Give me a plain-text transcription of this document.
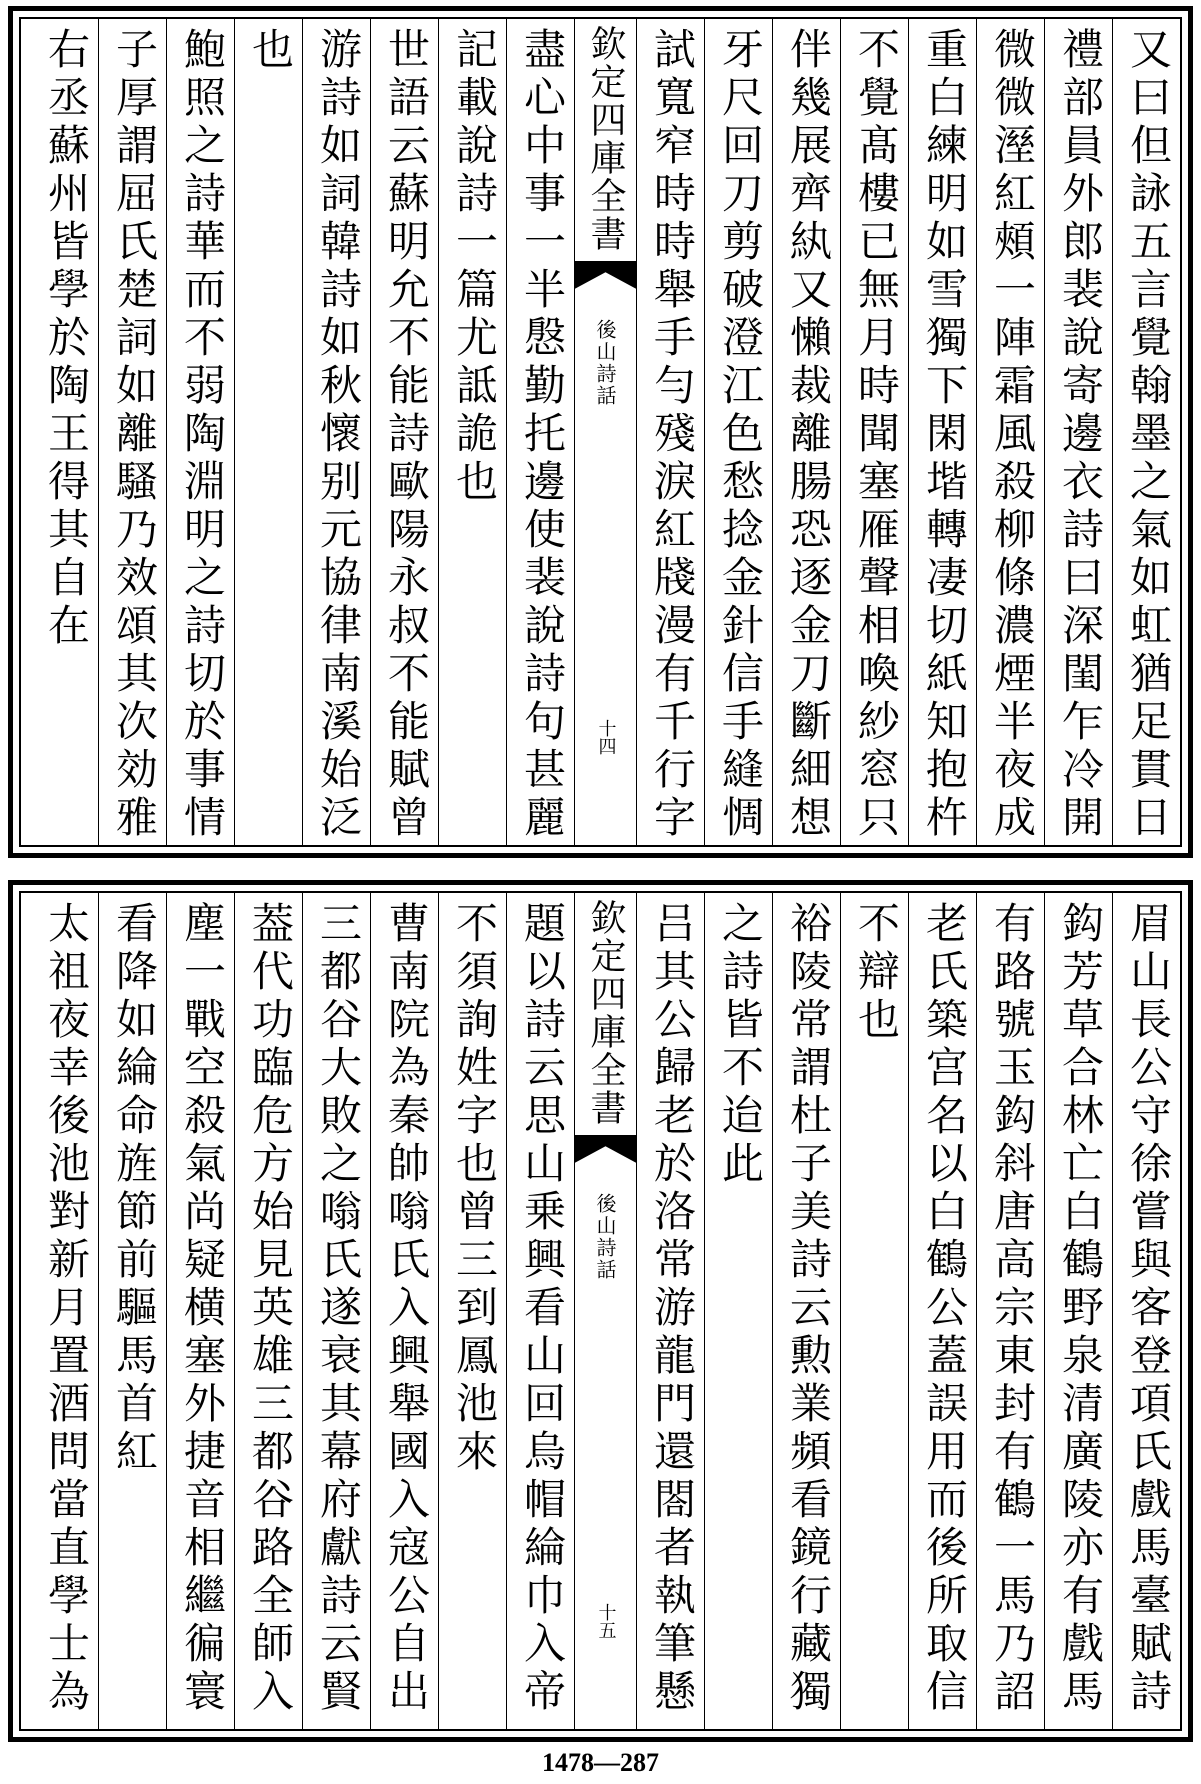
又曰但詠五言覺翰墨之氣如虹猶足貫日
禮部員外郎裴說寄邊衣詩曰深閨乍冷開
微微溼紅頰一陣霜風殺柳條濃煙半夜成
重白練明如雪獨下閑堦轉凄切紙知抱杵
不覺髙樓已無月時聞塞雁聲相喚紗窓只
伴幾展齊紈又懶裁離腸恐逐金刀斷細想
牙尺回刀剪破澄江色愁捻金針信手縫惆
試寬窄時時舉手勻殘淚紅牋漫有千行字
欽定四庫全書
後山詩話
十四
盡心中事一半慇勤托邊使裴說詩句甚麗
記載說詩一篇尤詆詭也
世語云蘇明允不能詩歐陽永叔不能賦曾
游詩如詞韓詩如秋懷别元協律南溪始泛
也
鮑照之詩華而不弱陶淵明之詩切於事情
子厚謂屈氏楚詞如離騷乃效頌其次効雅
右丞蘇州皆學於陶王得其自在
眉山長公守徐嘗與客登項氏戲馬臺賦詩
鈎芳草合林亡白鶴野泉清廣陵亦有戲馬
有路號玉鈎斜唐高宗東封有鶴一馬乃詔
老氏築宫名以白鶴公蓋誤用而後所取信
不辯也
裕陵常謂杜子美詩云勲業頻看鏡行藏獨
之詩皆不迨此
吕其公歸老於洛常游龍門還閤者執筆懸
欽定四庫全書
後山詩話
十五
題以詩云思山乗興看山回烏帽綸巾入帝
不須詢姓字也曾三到鳳池來
曹南院為秦帥嗡氏入興舉國入寇公自出
三都谷大敗之嗡氏遂衰其幕府獻詩云賢
葢代功臨危方始見英雄三都谷路全師入
塵一戰空殺氣尚疑横塞外捷音相繼徧寰
看降如綸命旌節前驅馬首紅
太祖夜幸後池對新月置酒問當直學士為
1478—287
